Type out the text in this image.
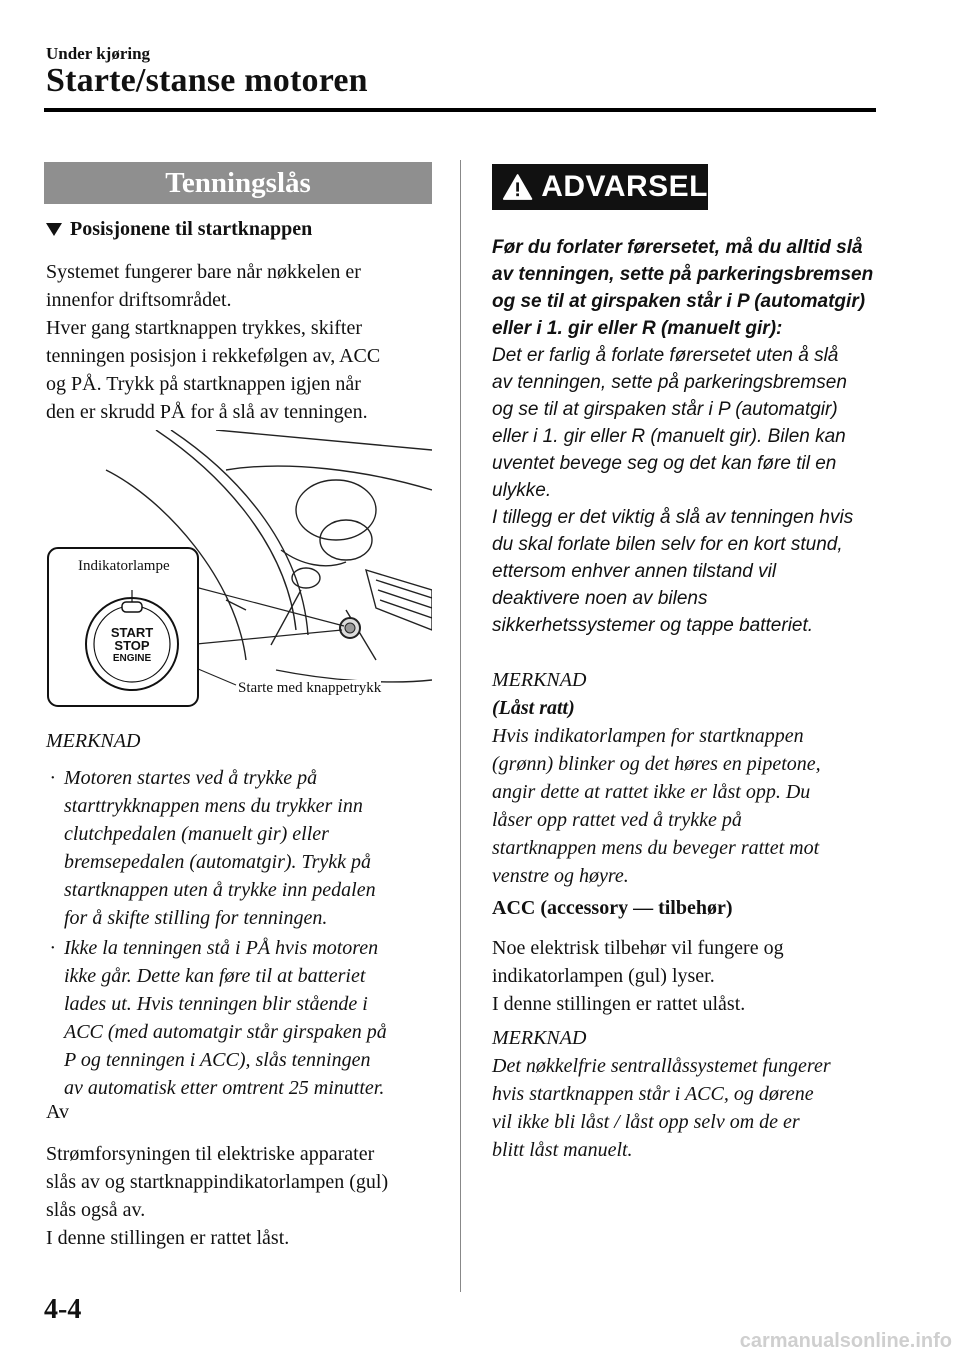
Under kjøring
Starte/stanse motoren
Tenningslås
Posisjonene til startknappen
Systemet fungerer bare når nøkkelen er
innenfor driftsområdet.
Hver gang startknappen trykkes, skifter
tenningen posisjon i rekkefølgen av, ACC
og PÅ. Trykk på startknappen igjen når
den er skrudd PÅ for å slå av tenningen.
Indikatorlampe
START
STOP
ENGINE
Starte med knappetrykk
MERKNAD
· Motoren startes ved å trykke på
starttrykknappen mens du trykker inn
clutchpedalen (manuelt gir) eller
bremsepedalen (automatgir). Trykk på
startknappen uten å trykke inn pedalen
for å skifte stilling for tenningen.
· Ikke la tenningen stå i PÅ hvis motoren
ikke går. Dette kan føre til at batteriet
lades ut. Hvis tenningen blir stående i
ACC (med automatgir står girspaken på
P og tenningen i ACC), slås tenningen
av automatisk etter omtrent 25 minutter.
Av
Strømforsyningen til elektriske apparater
slås av og startknappindikatorlampen (gul)
slås også av.
I denne stillingen er rattet låst.
ADVARSEL
Før du forlater førersetet, må du alltid slå
av tenningen, sette på parkeringsbremsen
og se til at girspaken står i P (automatgir)
eller i 1. gir eller R (manuelt gir):
Det er farlig å forlate førersetet uten å slå
av tenningen, sette på parkeringsbremsen
og se til at girspaken står i P (automatgir)
eller i 1. gir eller R (manuelt gir). Bilen kan
uventet bevege seg og det kan føre til en
ulykke.
I tillegg er det viktig å slå av tenningen hvis
du skal forlate bilen selv for en kort stund,
ettersom enhver annen tilstand vil
deaktivere noen av bilens
sikkerhetssystemer og tappe batteriet.
MERKNAD
(Låst ratt)
Hvis indikatorlampen for startknappen
(grønn) blinker og det høres en pipetone,
angir dette at rattet ikke er låst opp. Du
låser opp rattet ved å trykke på
startknappen mens du beveger rattet mot
venstre og høyre.
ACC (accessory — tilbehør)
Noe elektrisk tilbehør vil fungere og
indikatorlampen (gul) lyser.
I denne stillingen er rattet ulåst.
MERKNAD
Det nøkkelfrie sentrallåssystemet fungerer
hvis startknappen står i ACC, og dørene
vil ikke bli låst / låst opp selv om de er
blitt låst manuelt.
4-4
carmanualsonline.info
